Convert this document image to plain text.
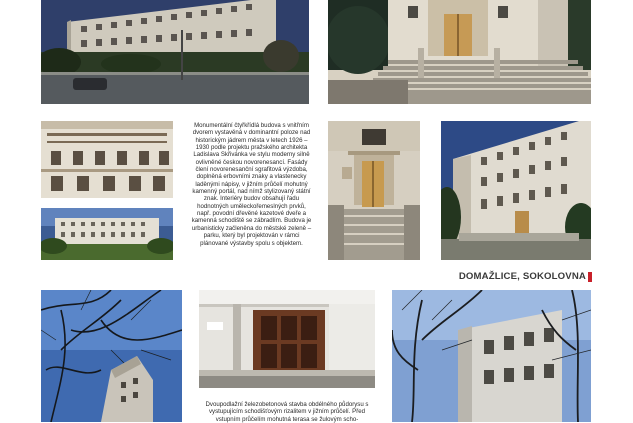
Monumentální čtyřkřídlá budova s vnitřním dvorem vystavěná v dominantní poloze nad historickým jádrem města v letech 1926 – 1930 podle projektu pražského architekta Ladislava Skřivánka ve stylu moderny silně ovlivněné českou novorenesancí. Fasády člení novorenesanční sgrafitová výzdoba, doplněná erbovními znaky a vlastenecky laděnými nápisy, v jižním průčelí mohutný kamenný portál, nad nímž stylizovaný státní znak. Interiéry budov obsahují řadu hodnotných uměleckořemeslných prvků, např. povodní dřevěné kazetové dveře a kamenná schodiště se zábradlím. Budova je urbanisticky začleněna do městské zeleně – parku, který byl projektován v rámci plánované výstavby spolu s objektem.
DOMAŽLICE, SOKOLOVNA
Dvoupodlažní železobetonová stavba obdélného půdorysu s vystupujícím schodišťovým rizalitem v jižním průčelí. Před vstupním průčelím mohutná terasa se žulovým scho-
